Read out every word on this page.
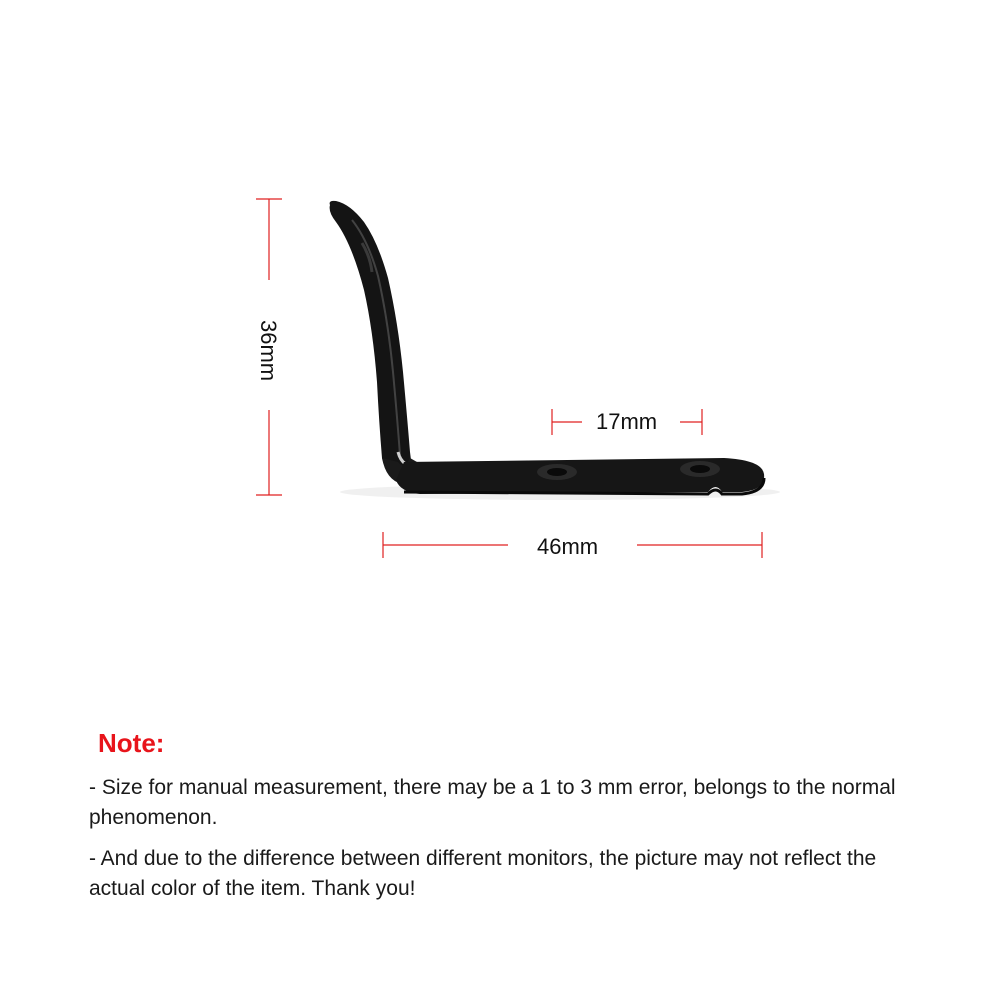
36mm
17mm
46mm
Note:
- Size for manual measurement, there may be a 1 to 3 mm error, belongs to the normal phenomenon.
- And due to the difference between different monitors, the picture may not reflect the actual color of the item. Thank you!
